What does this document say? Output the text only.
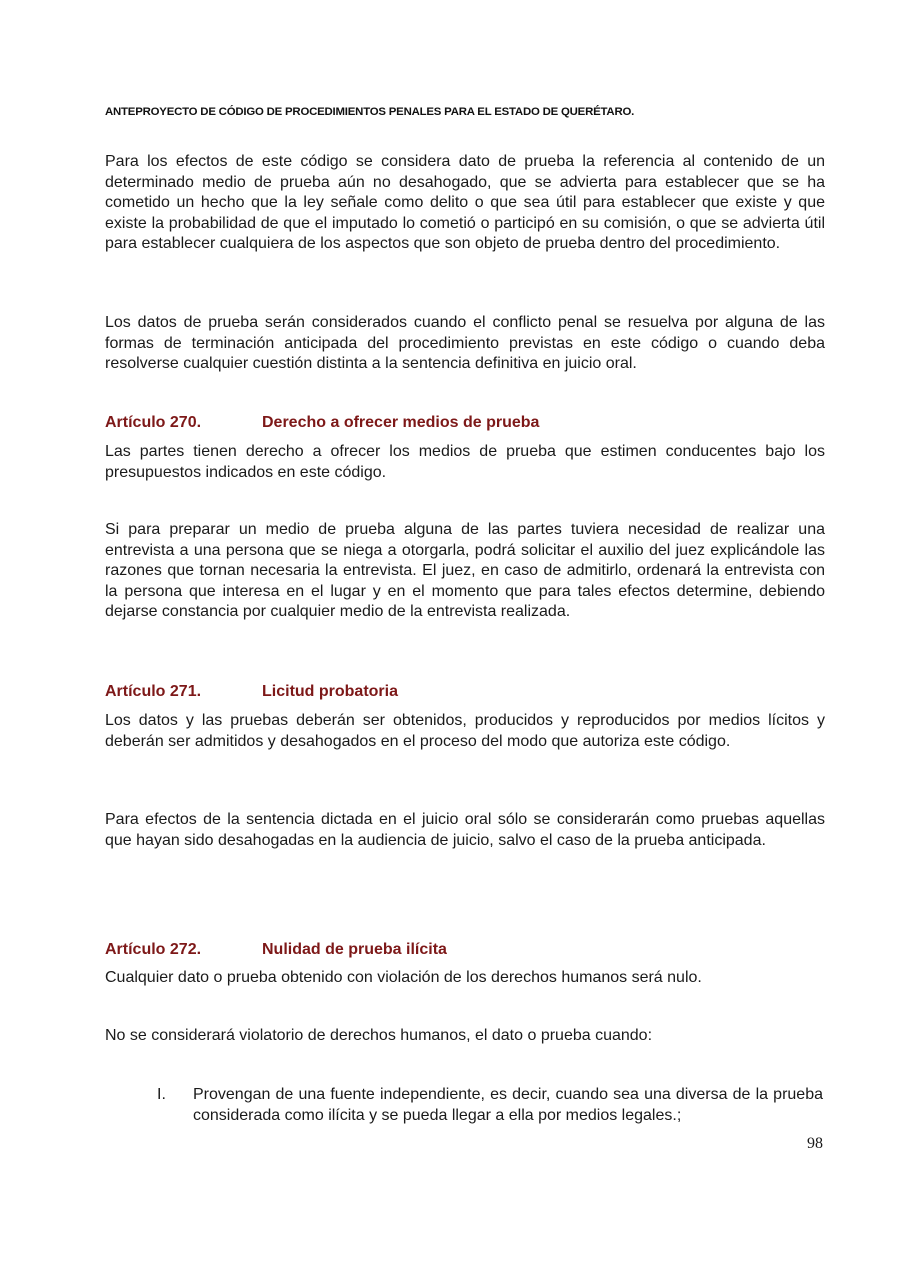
ANTEPROYECTO DE CÓDIGO DE PROCEDIMIENTOS PENALES PARA EL ESTADO DE QUERÉTARO.

Para los efectos de este código se considera dato de prueba la referencia al contenido de un determinado medio de prueba aún no desahogado, que se advierta para establecer que se ha cometido un hecho que la ley señale como delito o que sea útil para establecer que existe y que existe la probabilidad de que el imputado lo cometió o participó en su comisión, o que se advierta útil para establecer cualquiera de los aspectos que son objeto de prueba dentro del procedimiento.

Los datos de prueba serán considerados cuando el conflicto penal se resuelva por alguna de las formas de terminación anticipada del procedimiento previstas en este código o cuando deba resolverse cualquier cuestión distinta a la sentencia definitiva en juicio oral.

Artículo 270.	Derecho a ofrecer medios de prueba

Las partes tienen derecho a ofrecer los medios de prueba que estimen conducentes bajo los presupuestos indicados en este código.

Si para preparar un medio de prueba alguna de las partes tuviera necesidad de realizar una entrevista a una persona que se niega a otorgarla, podrá solicitar el auxilio del juez explicándole las razones que tornan necesaria la entrevista. El juez, en caso de admitirlo, ordenará la entrevista con la persona que interesa en el lugar y en el momento que para tales efectos determine, debiendo dejarse constancia por cualquier medio de la entrevista realizada.

Artículo 271.	Licitud probatoria

Los datos y las pruebas deberán ser obtenidos, producidos y reproducidos por medios lícitos y deberán ser admitidos y desahogados en el proceso del modo que autoriza este código.

Para efectos de la sentencia dictada en el juicio oral sólo se considerarán como pruebas aquellas que hayan sido desahogadas en la audiencia de juicio, salvo el caso de la prueba anticipada.

Artículo 272.	Nulidad de prueba ilícita

Cualquier dato o prueba obtenido con violación de los derechos humanos será nulo.

No se considerará violatorio de derechos humanos, el dato o prueba cuando:

I. Provengan de una fuente independiente, es decir, cuando sea una diversa de la prueba considerada como ilícita y se pueda llegar a ella por medios legales.;
98
